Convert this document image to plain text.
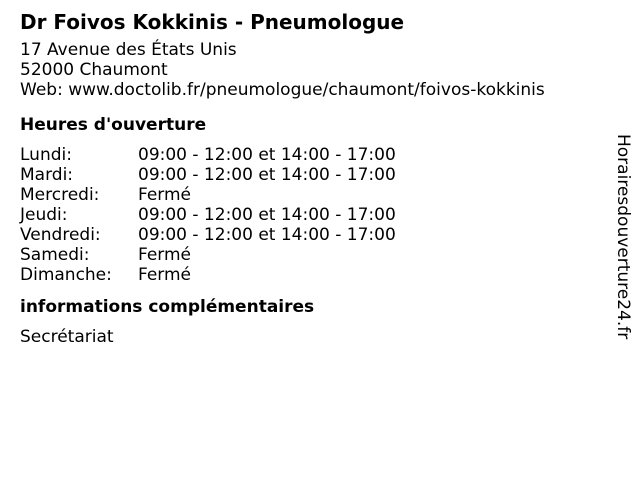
Dr Foivos Kokkinis - Pneumologue
17 Avenue des États Unis
52000 Chaumont
Web: www.doctolib.fr/pneumologue/chaumont/foivos-kokkinis
Heures d'ouverture
Lundi:	09:00 - 12:00 et 14:00 - 17:00
Mardi:	09:00 - 12:00 et 14:00 - 17:00
Mercredi: Fermé
Jeudi:	09:00 - 12:00 et 14:00 - 17:00
Vendredi: 09:00 - 12:00 et 14:00 - 17:00
Samedi:	Fermé
Dimanche: Fermé
informations complémentaires
Secrétariat	Horairesdouverture24.fr
